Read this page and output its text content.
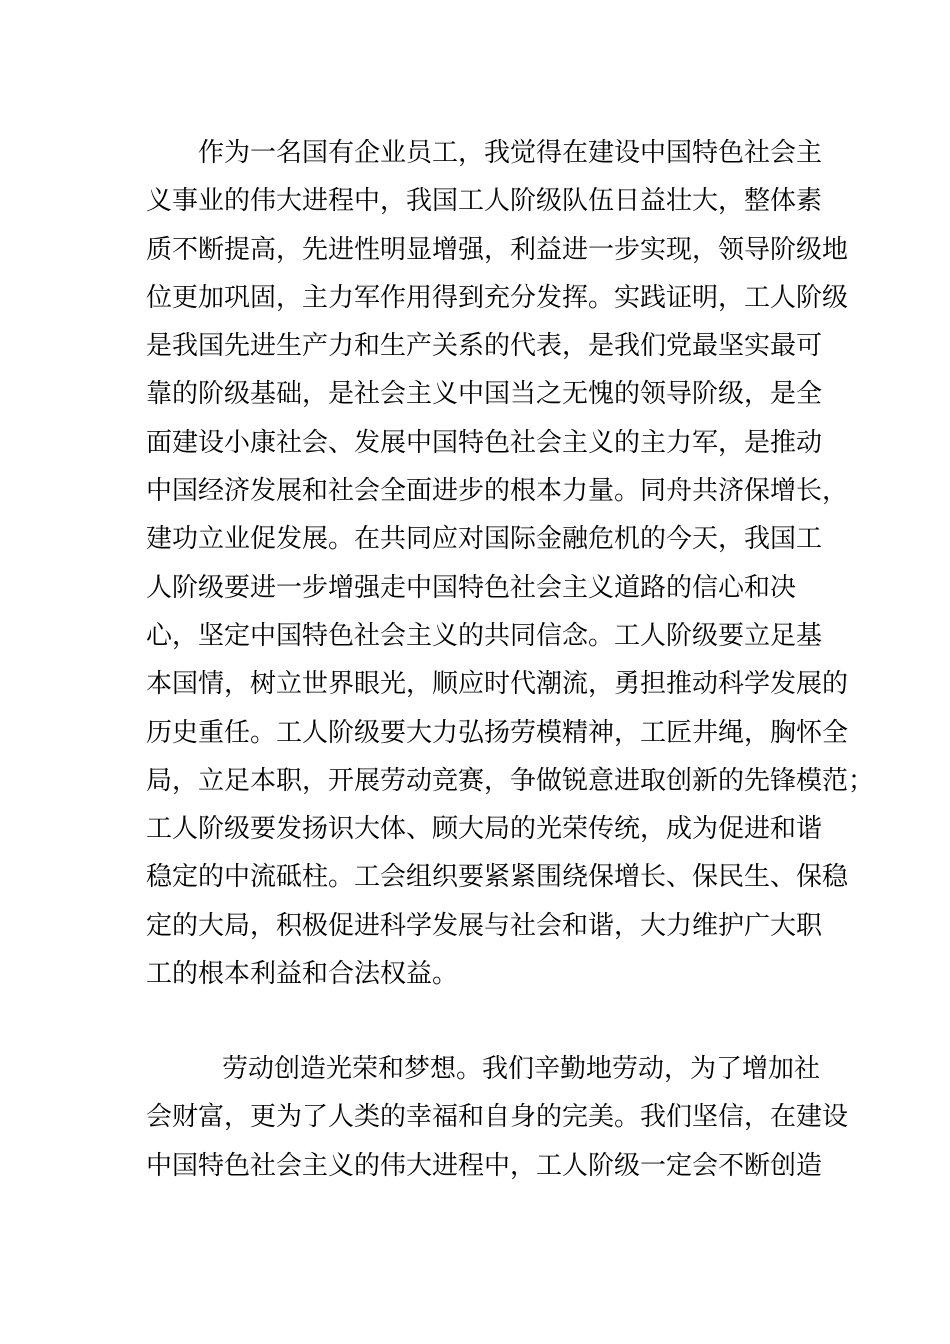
作为一名国有企业员工，我觉得在建设中国特色社会主
义事业的伟大进程中，我国工人阶级队伍日益壮大，整体素
质不断提高，先进性明显增强，利益进一步实现，领导阶级地
位更加巩固，主力军作用得到充分发挥。实践证明，工人阶级
是我国先进生产力和生产关系的代表，是我们党最坚实最可
靠的阶级基础，是社会主义中国当之无愧的领导阶级，是全
面建设小康社会、发展中国特色社会主义的主力军，是推动
中国经济发展和社会全面进步的根本力量。同舟共济保增长，
建功立业促发展。在共同应对国际金融危机的今天，我国工
人阶级要进一步增强走中国特色社会主义道路的信心和决
心，坚定中国特色社会主义的共同信念。工人阶级要立足基
本国情，树立世界眼光，顺应时代潮流，勇担推动科学发展的
历史重任。工人阶级要大力弘扬劳模精神，工匠井绳，胸怀全
局，立足本职，开展劳动竞赛，争做锐意进取创新的先锋模范；
工人阶级要发扬识大体、顾大局的光荣传统，成为促进和谐
稳定的中流砥柱。工会组织要紧紧围绕保增长、保民生、保稳
定的大局，积极促进科学发展与社会和谐，大力维护广大职
工的根本利益和合法权益。
劳动创造光荣和梦想。我们辛勤地劳动，为了增加社
会财富，更为了人类的幸福和自身的完美。我们坚信，在建设
中国特色社会主义的伟大进程中，工人阶级一定会不断创造
